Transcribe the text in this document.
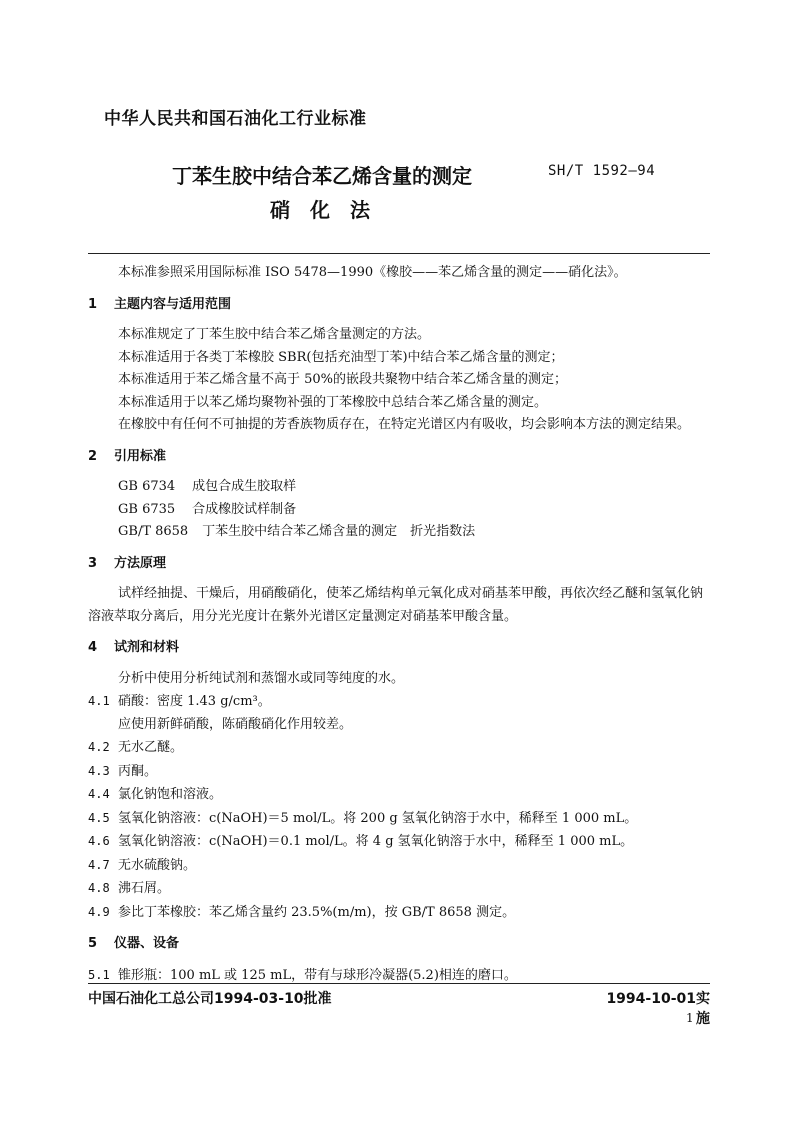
中华人民共和国石油化工行业标准
丁苯生胶中结合苯乙烯含量的测定
硝化法
SH/T 1592—94

本标准参照采用国际标准 ISO 5478—1990《橡胶——苯乙烯含量的测定——硝化法》。

1 主题内容与适用范围

本标准规定了丁苯生胶中结合苯乙烯含量测定的方法。

本标准适用于各类丁苯橡胶 SBR(包括充油型丁苯)中结合苯乙烯含量的测定；

本标准适用于苯乙烯含量不高于 50%的嵌段共聚物中结合苯乙烯含量的测定；

本标准适用于以苯乙烯均聚物补强的丁苯橡胶中总结合苯乙烯含量的测定。

在橡胶中有任何不可抽提的芳香族物质存在，在特定光谱区内有吸收，均会影响本方法的测定结果。

2 引用标准

GB 6734 成包合成生胶取样

GB 6735 合成橡胶试样制备

GB/T 8658 丁苯生胶中结合苯乙烯含量的测定　折光指数法

3 方法原理

试样经抽提、干燥后，用硝酸硝化，使苯乙烯结构单元氧化成对硝基苯甲酸，再依次经乙醚和氢氧化钠溶液萃取分离后，用分光光度计在紫外光谱区定量测定对硝基苯甲酸含量。

4 试剂和材料

分析中使用分析纯试剂和蒸馏水或同等纯度的水。

4.1 硝酸：密度 1.43 g/cm³。

应使用新鲜硝酸，陈硝酸硝化作用较差。

4.2 无水乙醚。

4.3 丙酮。

4.4 氯化钠饱和溶液。

4.5 氢氧化钠溶液：c(NaOH)＝5 mol/L。将 200 g 氢氧化钠溶于水中，稀释至 1 000 mL。

4.6 氢氧化钠溶液：c(NaOH)＝0.1 mol/L。将 4 g 氢氧化钠溶于水中，稀释至 1 000 mL。

4.7 无水硫酸钠。

4.8 沸石屑。

4.9 参比丁苯橡胶：苯乙烯含量约 23.5%(m/m)，按 GB/T 8658 测定。

5 仪器、设备

5.1 锥形瓶：100 mL 或 125 mL，带有与球形冷凝器(5.2)相连的磨口。

中国石油化工总公司1994-03-10批准	1994-10-01实施
1
